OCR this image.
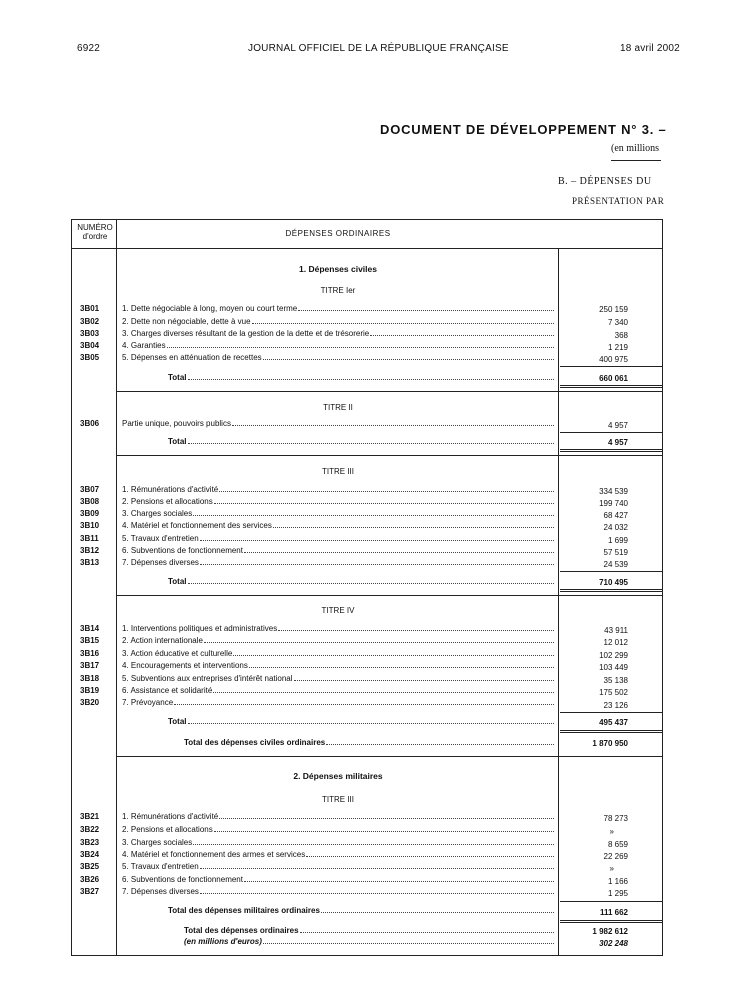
6922	JOURNAL OFFICIEL DE LA RÉPUBLIQUE FRANÇAISE	18 avril 2002
DOCUMENT DE DÉVELOPPEMENT N° 3. –
(en millions
B. – DÉPENSES DU
PRÉSENTATION PAR
NUMÉRO d'ordre	DÉPENSES ORDINAIRES
1. Dépenses civiles
TITRE Ier
3B01	1. Dette négociable à long, moyen ou court terme	250 159
3B02	2. Dette non négociable, dette à vue	7 340
3B03	3. Charges diverses résultant de la gestion de la dette et de trésorerie	368
3B04	4. Garanties	1 219
3B05	5. Dépenses en atténuation de recettes	400 975
Total	660 061
TITRE II
3B06	Partie unique, pouvoirs publics	4 957
Total	4 957
TITRE III
3B07	1. Rémunérations d'activité	334 539
3B08	2. Pensions et allocations	199 740
3B09	3. Charges sociales	68 427
3B10	4. Matériel et fonctionnement des services	24 032
3B11	5. Travaux d'entretien	1 699
3B12	6. Subventions de fonctionnement	57 519
3B13	7. Dépenses diverses	24 539
Total	710 495
TITRE IV
3B14	1. Interventions politiques et administratives	43 911
3B15	2. Action internationale	12 012
3B16	3. Action éducative et culturelle	102 299
3B17	4. Encouragements et interventions	103 449
3B18	5. Subventions aux entreprises d'intérêt national	35 138
3B19	6. Assistance et solidarité	175 502
3B20	7. Prévoyance	23 126
Total	495 437
Total des dépenses civiles ordinaires	1 870 950
2. Dépenses militaires
TITRE III
3B21	1. Rémunérations d'activité	78 273
3B22	2. Pensions et allocations	»
3B23	3. Charges sociales	8 659
3B24	4. Matériel et fonctionnement des armes et services	22 269
3B25	5. Travaux d'entretien	»
3B26	6. Subventions de fonctionnement	1 166
3B27	7. Dépenses diverses	1 295
Total des dépenses militaires ordinaires	111 662
Total des dépenses ordinaires	1 982 612
(en millions d'euros)	302 248
